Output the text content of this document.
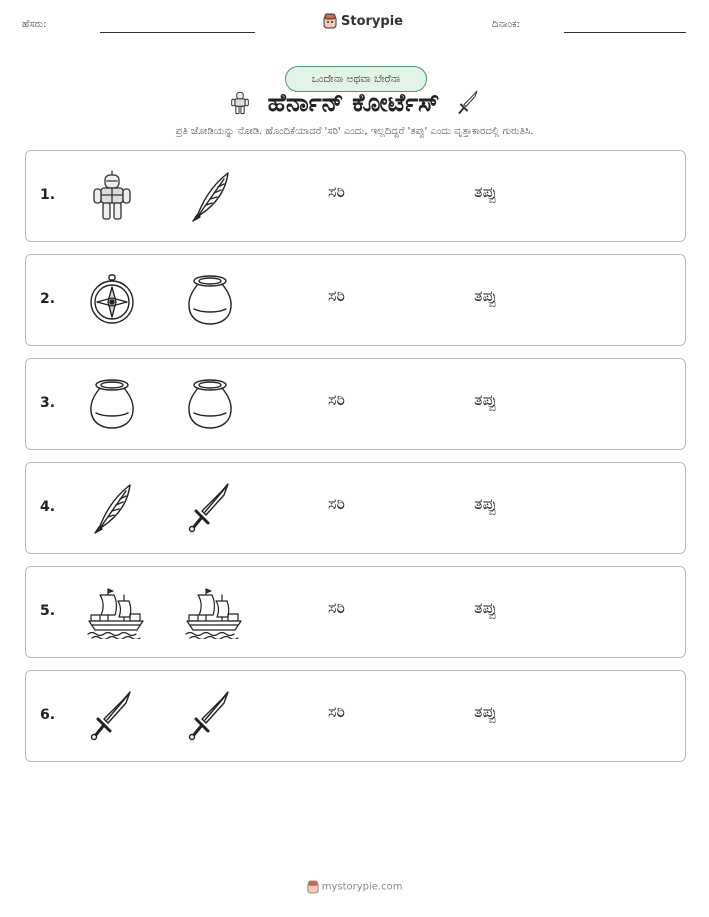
ಹೆಸರು:	Storypie	ದಿನಾಂಕ:
ಒಂದೇನಾ ಅಥವಾ ಬೇರೆನಾ
ಹೆರ್ನಾನ್ ಕೋರ್ಟೆಸ್
ಪ್ರತಿ ಜೋಡಿಯನ್ನು ನೋಡಿ. ಹೊಂದಿಕೆಯಾದರೆ 'ಸರಿ' ಎಂದು, ಇಲ್ಲದಿದ್ದರೆ 'ತಪ್ಪು' ಎಂದು ವೃತ್ತಾಕಾರದಲ್ಲಿ ಗುರುತಿಸಿ.
1.	ಸರಿ	ತಪ್ಪು
2.	ಸರಿ	ತಪ್ಪು
3.	ಸರಿ	ತಪ್ಪು
4.	ಸರಿ	ತಪ್ಪು
5.	ಸರಿ	ತಪ್ಪು
6.	ಸರಿ	ತಪ್ಪು
mystorypie.com
